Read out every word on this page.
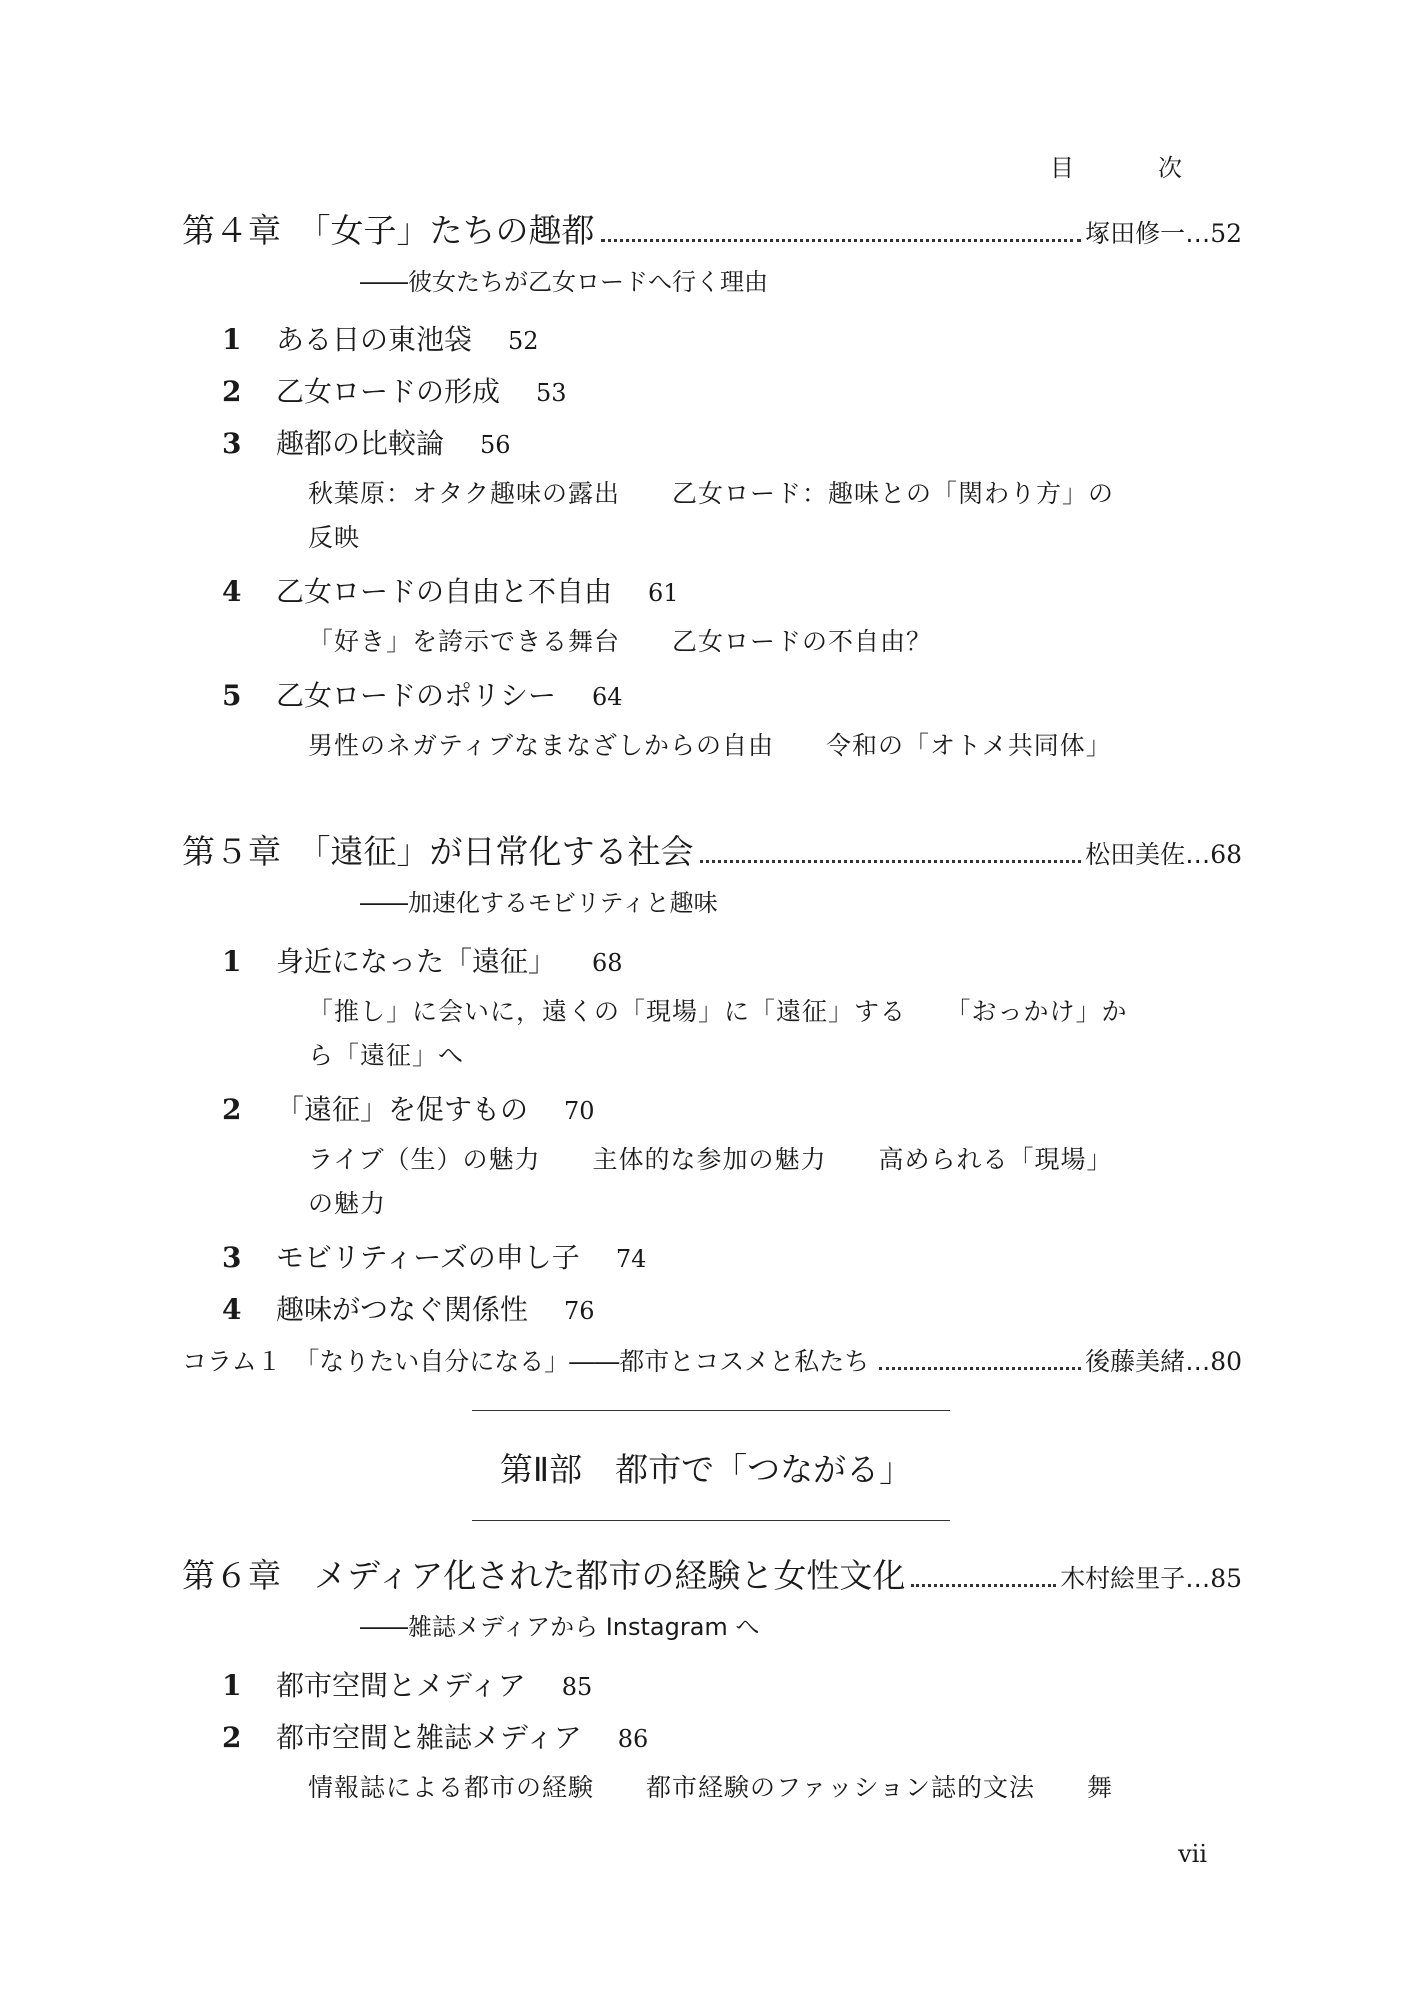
目　次
第４章　「女子」たちの趣都	塚田修一 … 52
――彼女たちが乙女ロードへ行く理由
1 ある日の東池袋 52
2 乙女ロードの形成 53
3 趣都の比較論 56
秋葉原：オタク趣味の露出　　乙女ロード：趣味との「関わり方」の
反映
4 乙女ロードの自由と不自由 61
「好き」を誇示できる舞台　　乙女ロードの不自由？
5 乙女ロードのポリシー 64
男性のネガティブなまなざしからの自由　　令和の「オトメ共同体」
第５章　「遠征」が日常化する社会	松田美佐 … 68
――加速化するモビリティと趣味
1 身近になった「遠征」 68
「推し」に会いに，遠くの「現場」に「遠征」する　　「おっかけ」か
ら「遠征」へ
2 「遠征」を促すもの 70
ライブ（生）の魅力　　主体的な参加の魅力　　高められる「現場」
の魅力
3 モビリティーズの申し子 74
4 趣味がつなぐ関係性 76
コラム１　「なりたい自分になる」――都市とコスメと私たち	後藤美緒 … 80
第Ⅱ部　都市で「つながる」
第６章　メディア化された都市の経験と女性文化	木村絵里子 … 85
――雑誌メディアから Instagram へ
1 都市空間とメディア 85
2 都市空間と雑誌メディア 86
情報誌による都市の経験　　都市経験のファッション誌的文法　　舞
vii
